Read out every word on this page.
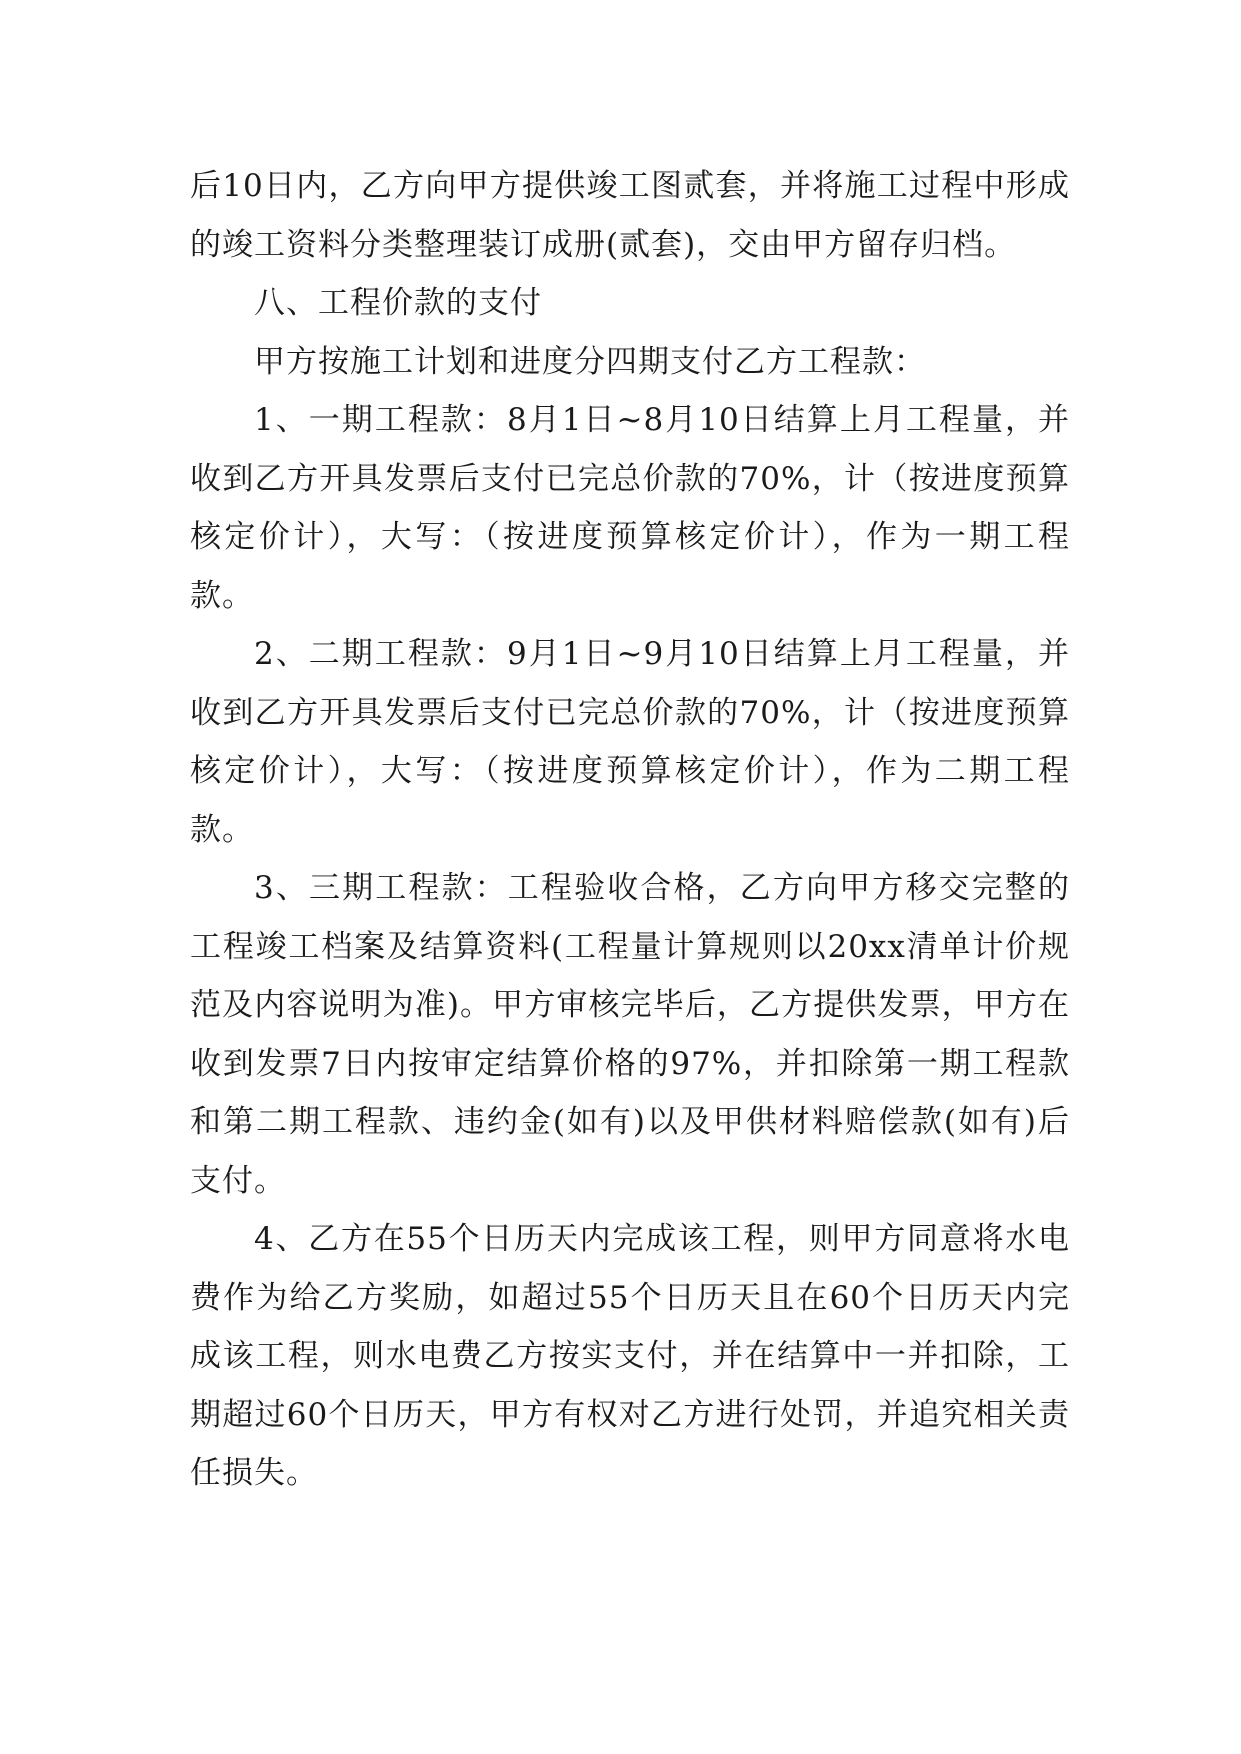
后10日内，乙方向甲方提供竣工图贰套，并将施工过程中形成的竣工资料分类整理装订成册(贰套)，交由甲方留存归档。

八、工程价款的支付

甲方按施工计划和进度分四期支付乙方工程款：

1、一期工程款：8月1日~8月10日结算上月工程量，并收到乙方开具发票后支付已完总价款的70%，计（按进度预算核定价计），大写：（按进度预算核定价计），作为一期工程款。

2、二期工程款：9月1日~9月10日结算上月工程量，并收到乙方开具发票后支付已完总价款的70%，计（按进度预算核定价计），大写：（按进度预算核定价计），作为二期工程款。

3、三期工程款：工程验收合格，乙方向甲方移交完整的工程竣工档案及结算资料(工程量计算规则以20xx清单计价规范及内容说明为准)。甲方审核完毕后，乙方提供发票，甲方在收到发票7日内按审定结算价格的97%，并扣除第一期工程款和第二期工程款、违约金(如有)以及甲供材料赔偿款(如有)后支付。

4、乙方在55个日历天内完成该工程，则甲方同意将水电费作为给乙方奖励，如超过55个日历天且在60个日历天内完成该工程，则水电费乙方按实支付，并在结算中一并扣除，工期超过60个日历天，甲方有权对乙方进行处罚，并追究相关责任损失。
